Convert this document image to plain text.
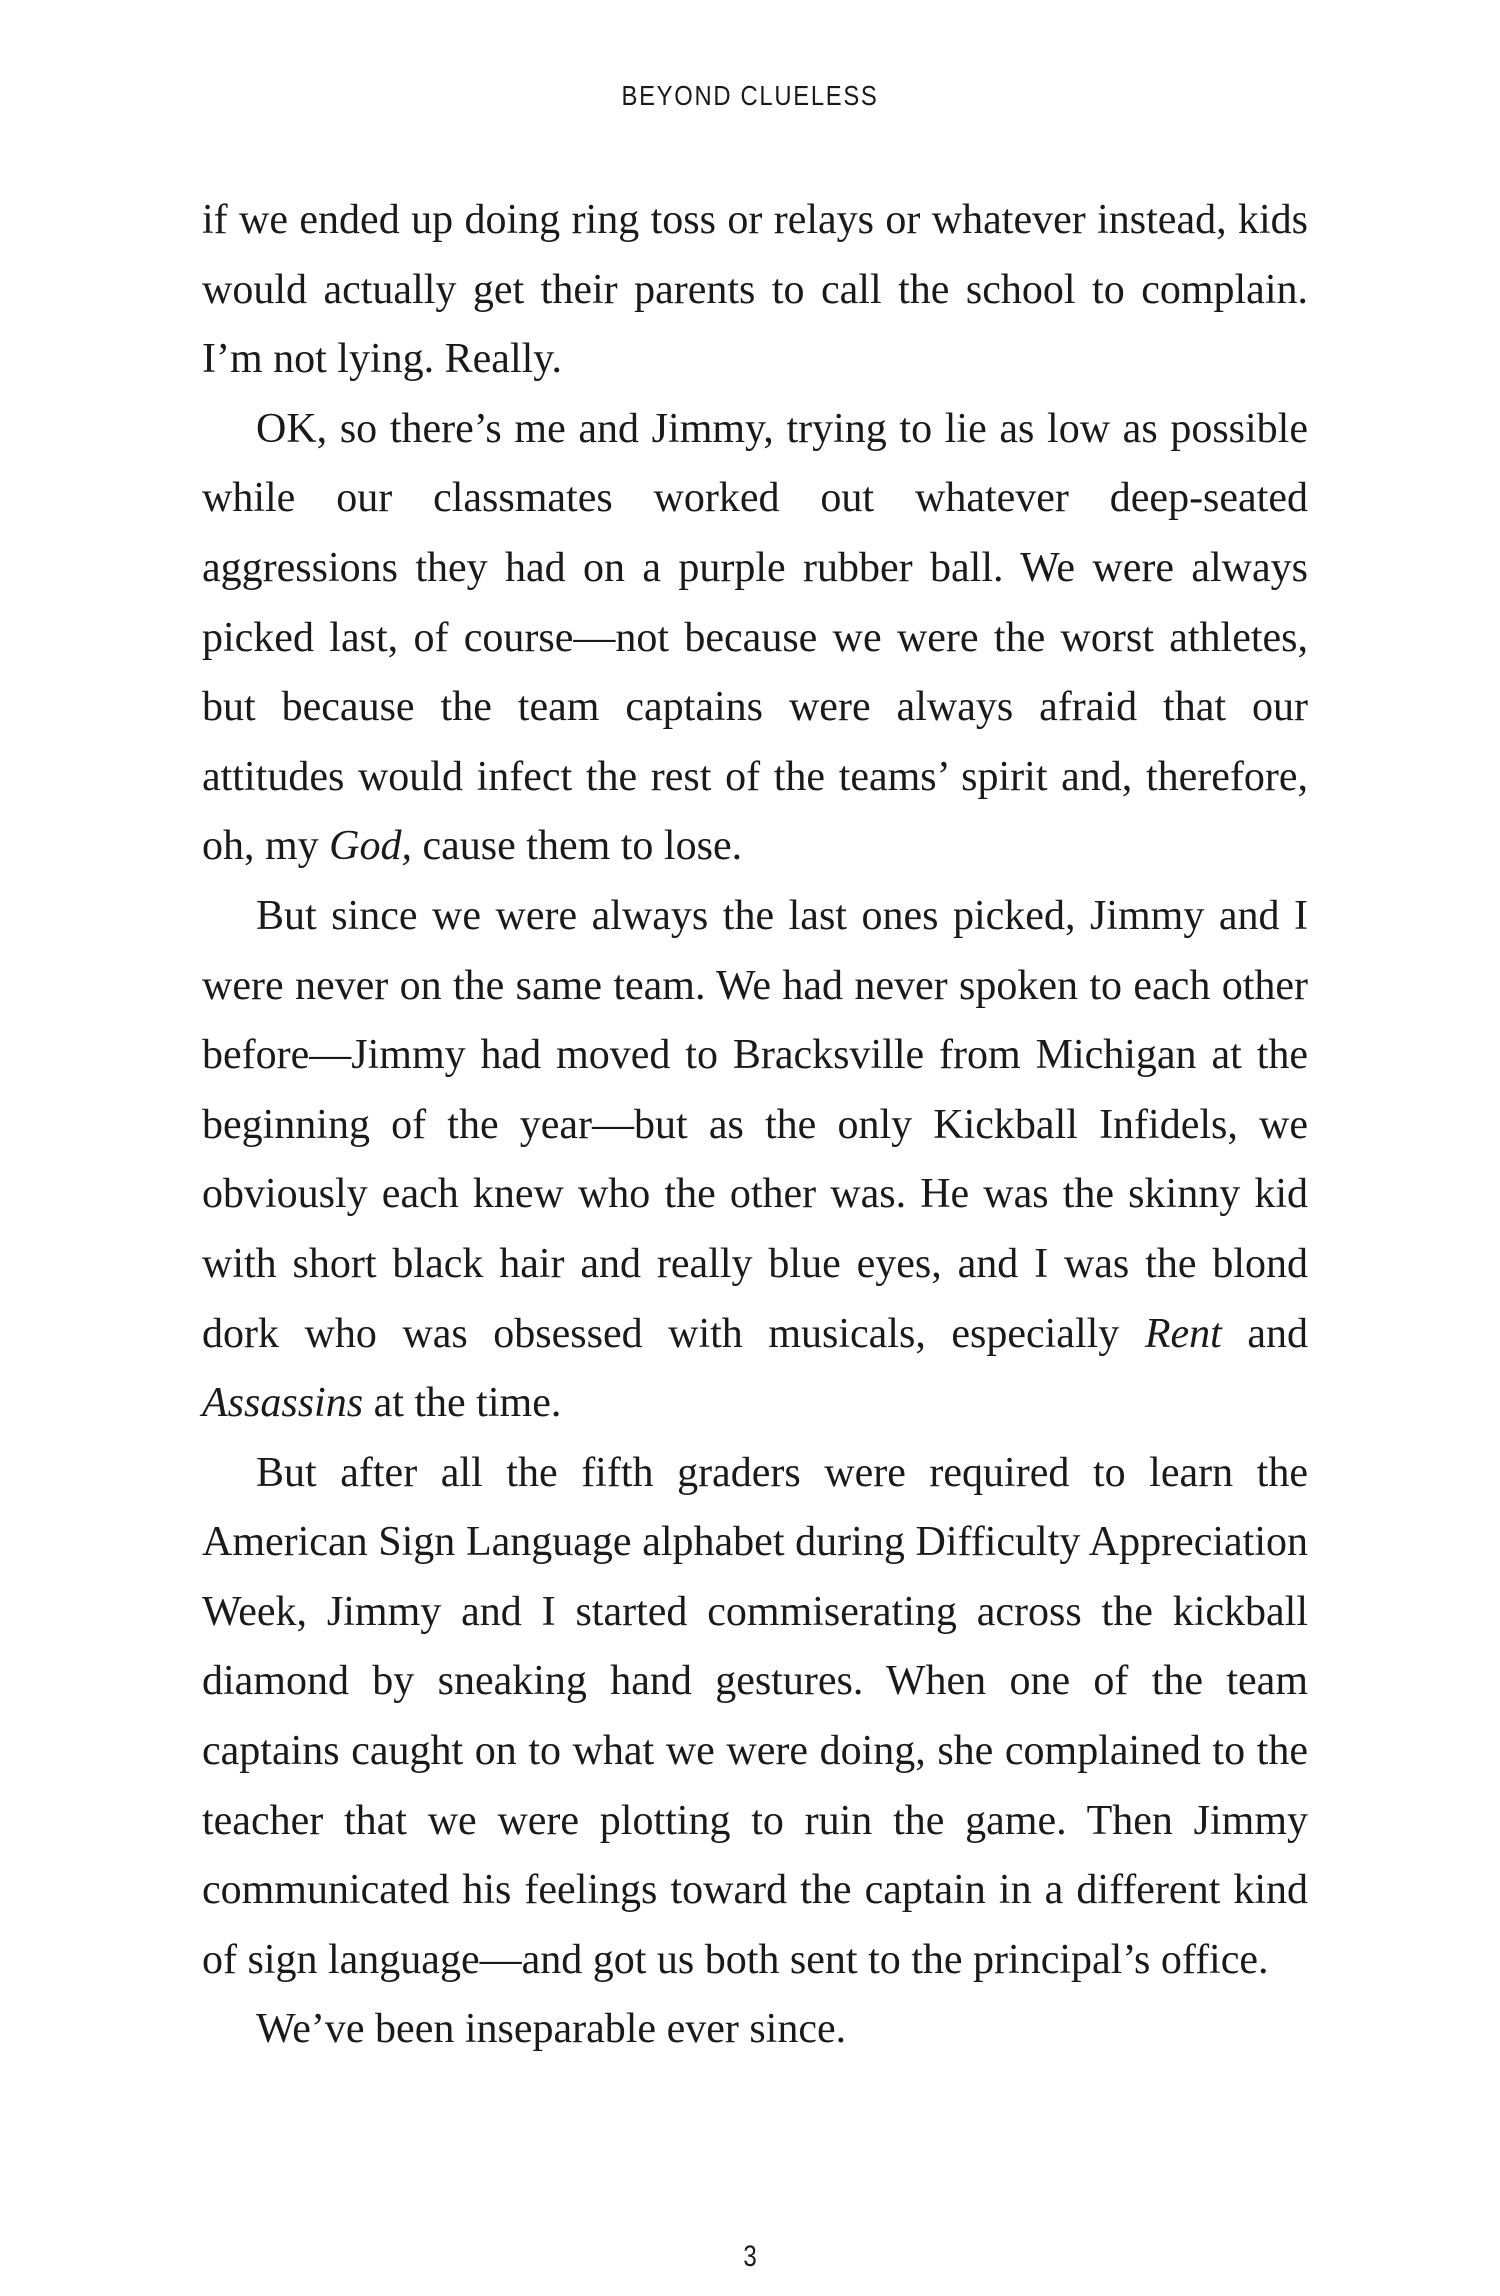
BEYOND CLUELESS

if we ended up doing ring toss or relays or whatever instead, kids would actually get their parents to call the school to complain. I’m not lying. Really.

OK, so there’s me and Jimmy, trying to lie as low as possible while our classmates worked out whatever deep-seated aggressions they had on a purple rubber ball. We were always picked last, of course—not because we were the worst athletes, but because the team captains were always afraid that our attitudes would infect the rest of the teams’ spirit and, therefore, oh, my God, cause them to lose.

But since we were always the last ones picked, Jimmy and I were never on the same team. We had never spoken to each other before—Jimmy had moved to Bracksville from Michigan at the beginning of the year—but as the only Kickball Infidels, we obviously each knew who the other was. He was the skinny kid with short black hair and really blue eyes, and I was the blond dork who was obsessed with musicals, especially Rent and Assassins at the time.

But after all the fifth graders were required to learn the American Sign Language alphabet during Difficulty Appreciation Week, Jimmy and I started commiserating across the kickball diamond by sneaking hand gestures. When one of the team captains caught on to what we were doing, she complained to the teacher that we were plotting to ruin the game. Then Jimmy communicated his feelings toward the captain in a different kind of sign language—and got us both sent to the principal’s office.

We’ve been inseparable ever since.

3
